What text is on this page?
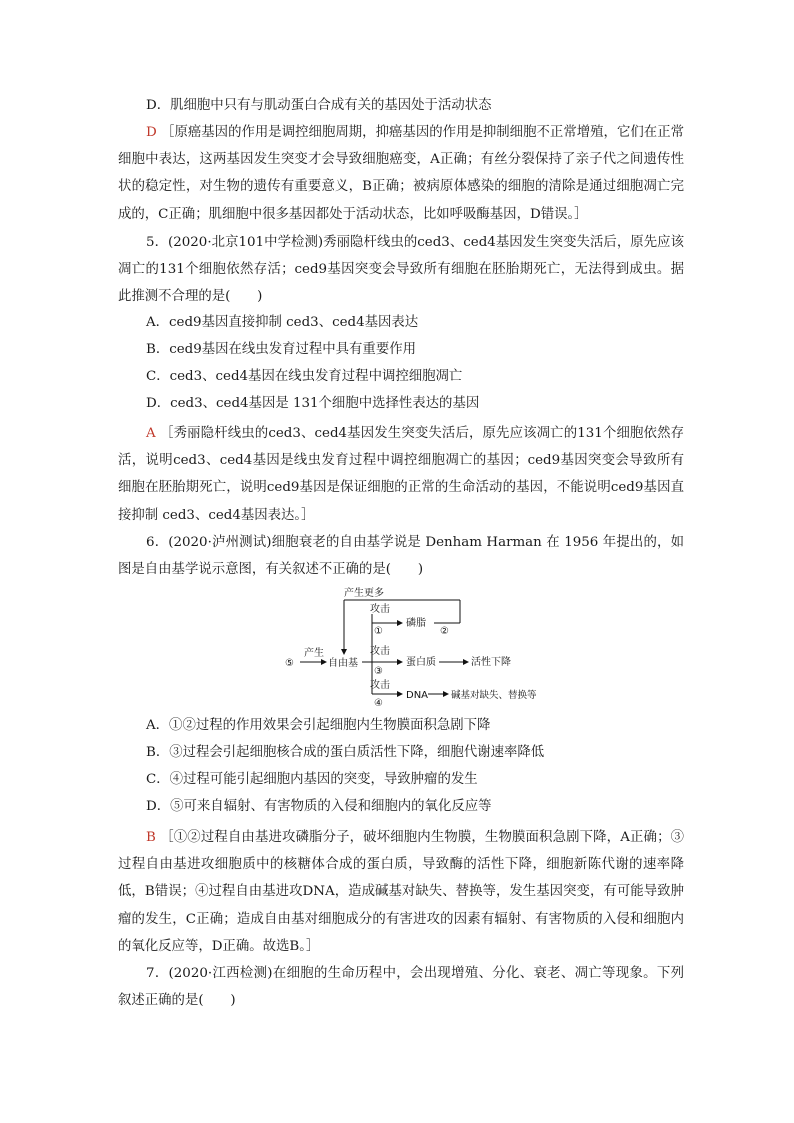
D．肌细胞中只有与肌动蛋白合成有关的基因处于活动状态
D ［原癌基因的作用是调控细胞周期，抑癌基因的作用是抑制细胞不正常增殖，它们在正常细胞中表达，这两基因发生突变才会导致细胞癌变，A正确；有丝分裂保持了亲子代之间遗传性状的稳定性，对生物的遗传有重要意义，B正确；被病原体感染的细胞的清除是通过细胞凋亡完成的，C正确；肌细胞中很多基因都处于活动状态，比如呼吸酶基因，D错误。］
5．(2020·北京101中学检测)秀丽隐杆线虫的ced3、ced4基因发生突变失活后，原先应该凋亡的131个细胞依然存活；ced9基因突变会导致所有细胞在胚胎期死亡，无法得到成虫。据此推测不合理的是(　　)
A．ced9基因直接抑制 ced3、ced4基因表达
B．ced9基因在线虫发育过程中具有重要作用
C．ced3、ced4基因在线虫发育过程中调控细胞凋亡
D．ced3、ced4基因是 131个细胞中选择性表达的基因
A ［秀丽隐杆线虫的ced3、ced4基因发生突变失活后，原先应该凋亡的131个细胞依然存活，说明ced3、ced4基因是线虫发育过程中调控细胞凋亡的基因；ced9基因突变会导致所有细胞在胚胎期死亡，说明ced9基因是保证细胞的正常的生命活动的基因，不能说明ced9基因直接抑制 ced3、ced4基因表达。］
6．(2020·泸州测试)细胞衰老的自由基学说是 Denham Harman 在 1956 年提出的，如图是自由基学说示意图，有关叙述不正确的是(　　)
产生更多
⑤
产生
自由基
攻击
①
磷脂
②
攻击
③
蛋白质	活性下降
攻击
④
DNA 碱基对缺失、替换等
A．①②过程的作用效果会引起细胞内生物膜面积急剧下降
B．③过程会引起细胞核合成的蛋白质活性下降，细胞代谢速率降低
C．④过程可能引起细胞内基因的突变，导致肿瘤的发生
D．⑤可来自辐射、有害物质的入侵和细胞内的氧化反应等
B ［①②过程自由基进攻磷脂分子，破坏细胞内生物膜，生物膜面积急剧下降，A正确；③过程自由基进攻细胞质中的核糖体合成的蛋白质，导致酶的活性下降，细胞新陈代谢的速率降低，B错误；④过程自由基进攻DNA，造成碱基对缺失、替换等，发生基因突变，有可能导致肿瘤的发生，C正确；造成自由基对细胞成分的有害进攻的因素有辐射、有害物质的入侵和细胞内的氧化反应等，D正确。故选B。］
7．(2020·江西检测)在细胞的生命历程中，会出现增殖、分化、衰老、凋亡等现象。下列叙述正确的是(　　)
